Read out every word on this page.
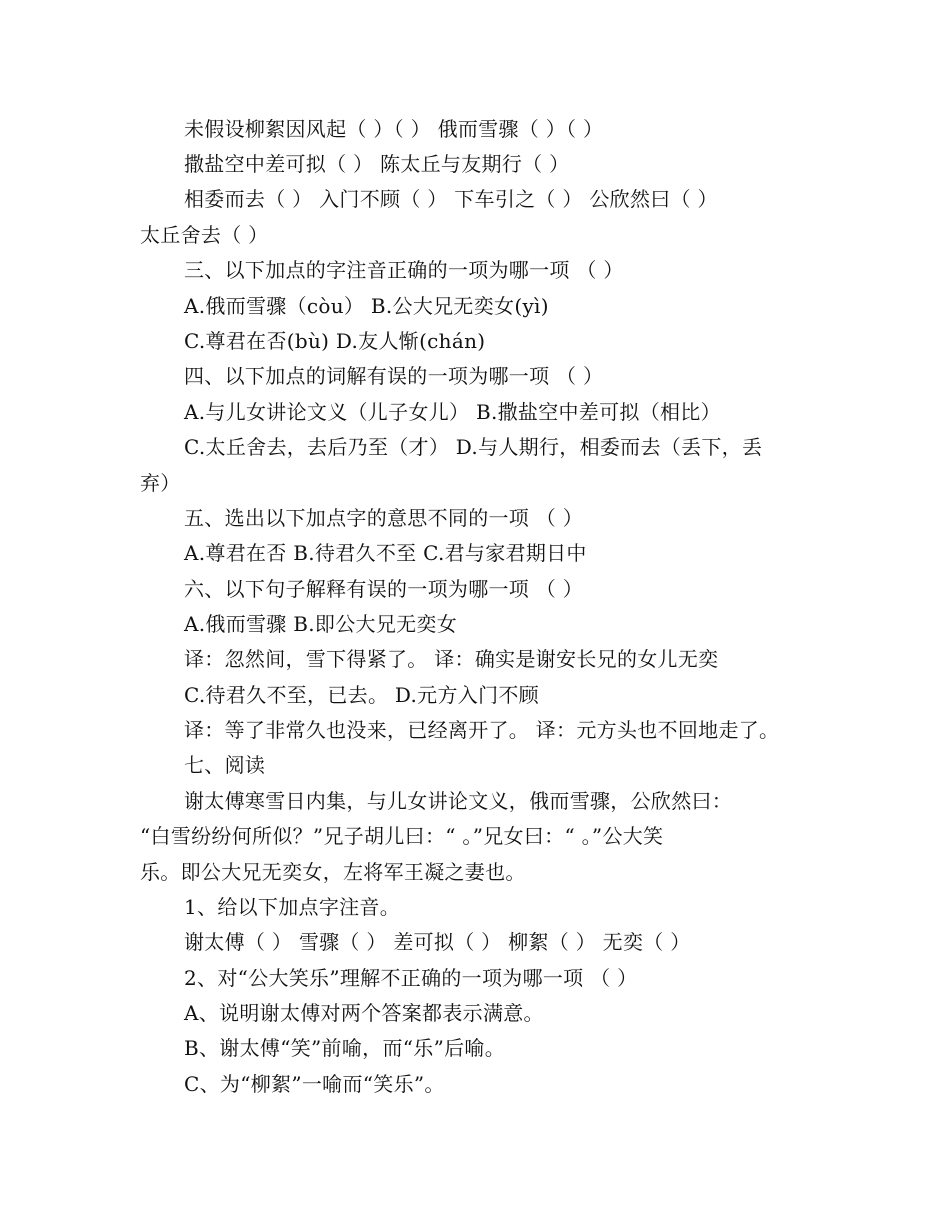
未假设柳絮因风起（ ）（ ） 俄而雪骤（ ）（ ）
撒盐空中差可拟（ ） 陈太丘与友期行（ ）
相委而去（ ） 入门不顾（ ） 下车引之（ ） 公欣然曰（ ）
太丘舍去（ ）
三、以下加点的字注音正确的一项为哪一项 （ ）
A.俄而雪骤（còu） B.公大兄无奕女(yì)
C.尊君在否(bù) D.友人惭(chán)
四、以下加点的词解有误的一项为哪一项 （ ）
A.与儿女讲论文义（儿子女儿） B.撒盐空中差可拟（相比）
C.太丘舍去，去后乃至（才） D.与人期行，相委而去（丢下，丢
弃）
五、选出以下加点字的意思不同的一项 （ ）
A.尊君在否 B.待君久不至 C.君与家君期日中
六、以下句子解释有误的一项为哪一项 （ ）
A.俄而雪骤 B.即公大兄无奕女
译：忽然间，雪下得紧了。 译：确实是谢安长兄的女儿无奕
C.待君久不至，已去。 D.元方入门不顾
译：等了非常久也没来，已经离开了。 译：元方头也不回地走了。
七、阅读
谢太傅寒雪日内集，与儿女讲论文义，俄而雪骤，公欣然曰：
“白雪纷纷何所似？”兄子胡儿曰：“ 。”兄女曰：“ 。”公大笑
乐。即公大兄无奕女，左将军王凝之妻也。
1、给以下加点字注音。
谢太傅（ ） 雪骤（ ） 差可拟（ ） 柳絮（ ） 无奕（ ）
2、对“公大笑乐”理解不正确的一项为哪一项 （ ）
A、说明谢太傅对两个答案都表示满意。
B、谢太傅“笑”前喻，而“乐”后喻。
C、为“柳絮”一喻而“笑乐”。
